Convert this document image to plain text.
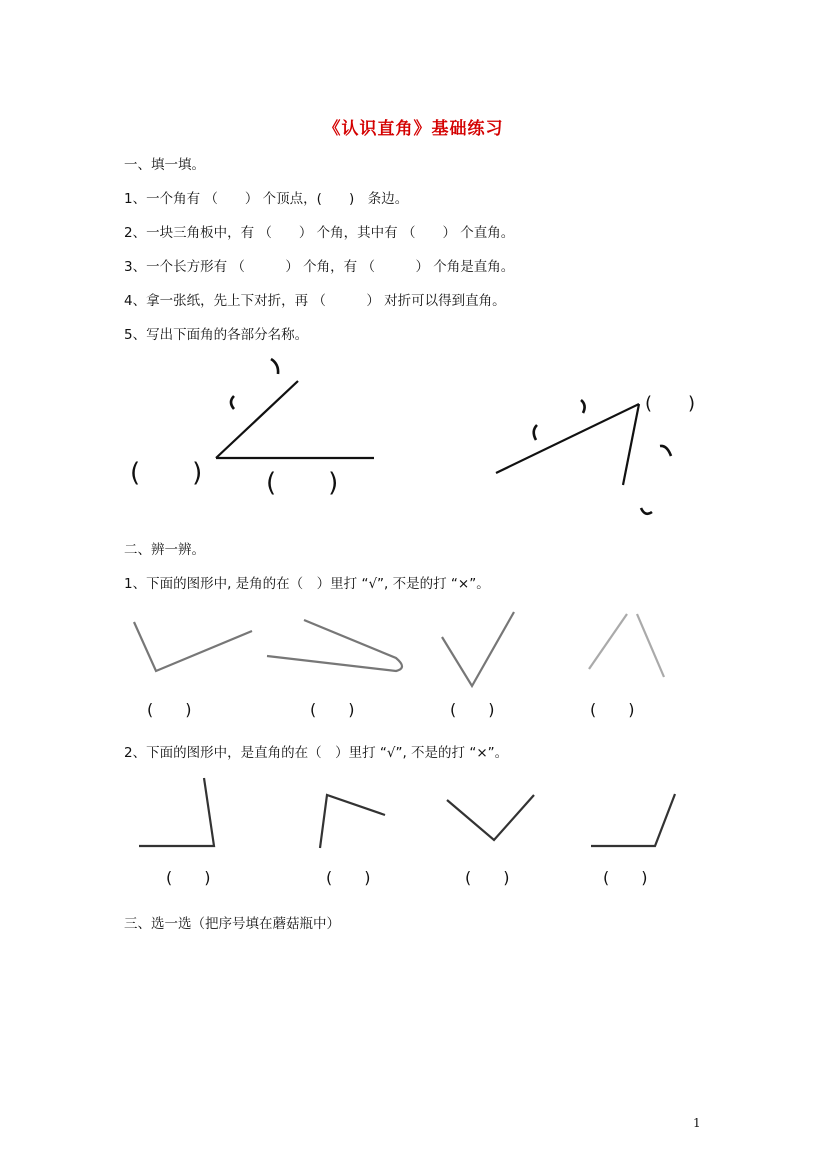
《认识直角》基础练习
一、填一填。
1、一个角有 （　　） 个顶点，(　　)　条边。
2、一块三角板中，有 （　　） 个角，其中有 （　　） 个直角。
3、一个长方形有 （　　　） 个角，有 （　　　） 个角是直角。
4、拿一张纸，先上下对折，再 （　　　） 对折可以得到直角。
5、写出下面角的各部分名称。
(　　) (　　)
(　　)
二、辨一辨。
1、下面的图形中, 是角的在（　）里打 “√”, 不是的打 “×”。
(　　)	(　　)	(　　)	(　　)
2、下面的图形中，是直角的在（　）里打 “√”, 不是的打 “×”。
(　　)	(　　)	(　　)	(　　)
三、选一选（把序号填在蘑菇瓶中）
1
